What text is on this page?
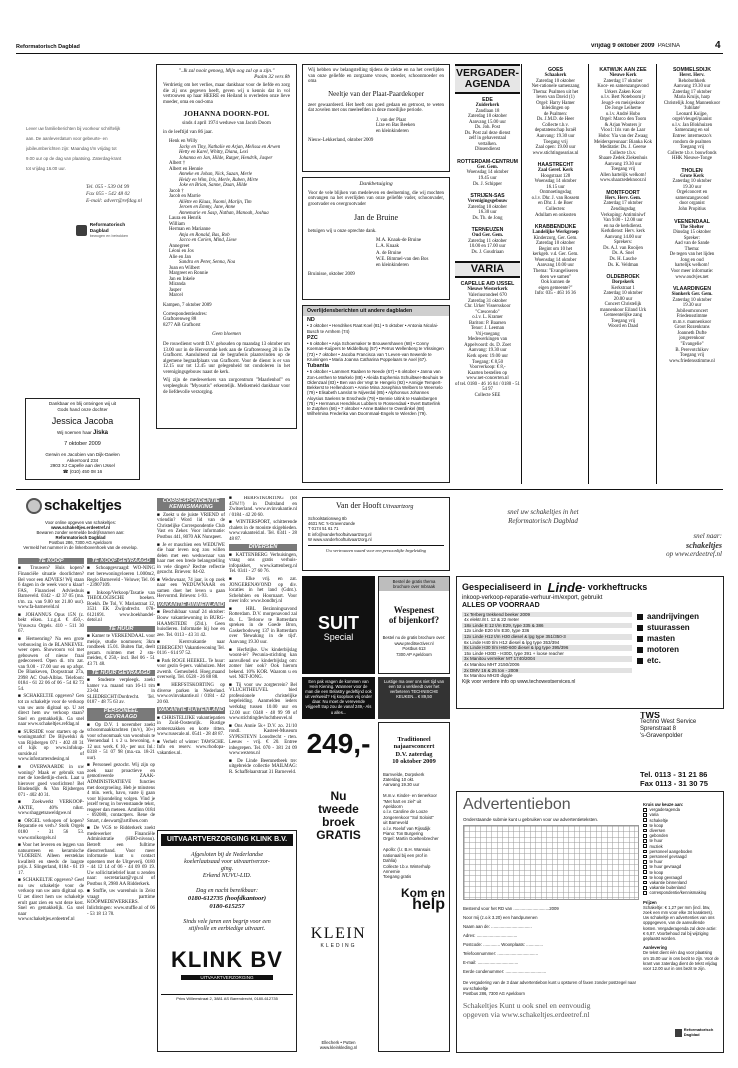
Reformatorisch Dagblad	vrijdag 9 oktober 2009 PAGINA	4
Lever uw familieberichten bij voorkeur schriftelijk
aan. De aanleverdatum voor gebeurte- en
jubileumberichten zijn: Maandag t/m vrijdag tot
9.00 uur op de dag van plaatsing. Zaterdag-krant
tot vrijdag 16.00 uur.
Tel. 055 - 539 04 99
Fax 055 - 542 48 02
E-mail: advert@refdag.nl
Reformatorisch Dagblad
bewogen en betrokken
Dankbaar en blij ontvingen wij uit
Gods hand onze dochter
Jessica Jacoba
Wij noemen haar Jiska
7 oktober 2009
Gerwin en Jacobien van Dijk-Daelen
Akkerroord 234
2903 XJ Capelle aan den IJssel
☎ (010) 450 08 16
"..Ik zal nooit genoeg, Mijn oog zal op u zijn."
Psalm 32 vers 8b
Verdrietig om het verlies, maar dankbaar voor de liefde en zorg die zij ons gegeven heeft, geven wij u kennis dat in vol vertrouwen op haar HEERE en Heiland is overleden onze lieve moeder, oma en oud-oma
JOHANNA DOORN-POL
sinds 4 april 1974 weduwe van Jacob Doorn
in de leeftijd van 86 jaar.
Henk en Willy
Jacky en Tiny, Nathalie en Arjan, Melissa en Arwen
Hetty en Karel, Whitty, Diana, Lexi
Johanna en Jan, Hilde, Rutger, Hendrik, Jasper
Albert †
Albert en Hennie
Anneke en Johan, Nick, Suzan, Merle
Heidy en Wim, Iris, Merle, Ruben, Mirte
Joke en Brian, Sanne, Daan, Hilde
Jacob †
Jacob en Marrie
Aliëtte en Klaas, Naomi, Marijn, Tim
Jeroen en Emmy, Jane, Anne
Annemarie en Sasp, Nathan, Manoah, Joshua
Laura en Henrik
William
Herman en Marianne
Anja en Ronald, Bas, Rob
Jacco en Corien, Mind, Liese
Annegreet
Léoni en Jos
Alie en Jan
Sandra en Peter, Senna, Noa
Joan en Wilbert
Margreet en Ronnie
Jan en Inkele
Miranda
Jasper
Marcel
Kampen, 7 oktober 2009
Correspondentieadres:
Graftorenweg 88
8277 AB Grafhorst
Geen bloemen
De rouwdienst wordt D.V. gehouden op maandag 13 oktober om 13.00 uur in de Hervormde kerk aan de Graftorenweg 20 in De Grafhorst. Aansluitend zal de begrafenis plaatsvinden op de algemene begraafplaats van Grafhorst. Voor de dienst is er van 12.15 uur tot 12.45 uur gelegenheid tot condoleren in het verenigingsgebouw naast de kerk.
Wij zijn de medewerkers van zorgcentrum "Maarlenhof" en verpleeghuis "Myosotis" erkentelijk. Melkemeid dankbaar voor de liefdevolle verzorging.
Wij hebben uw belangstelling tijdens de ziekte en na het overlijden van onze geliefde en zorgzame vrouw, moeder, schoonmoeder en oma
Neeltje van der Plaat-Paardekoper
zeer gewaardeerd. Het heeft ons goed gedaan en getroost, te weten dat zovelen met ons meeleefden in deze moeilijke periode.
J. van der Plaat
Lize en Bas Beeken
en kleinkinderen
Nieuw-Lekkerland, oktober 2009
Dankbetuiging
Voor de vele blijken van medeleven en deelneming, die wij mochten ontvangen na het overlijden van onze geliefde vader, schoonvader, grootvader en overgrootvader
Jan de Bruine
betuigen wij u onze oprechte dank.
M.A. Knaak-de Bruine
L.A. Knaak
A. de Bruine
W.E. Bimmel-van den Bos
en kleinkinderen
Bruinisse, oktober 2009
Overlijdensberichten uit andere dagbladen
ND
• 3 oktober • Hendrikes Raat Koel (81) • 5 oktober • Antonia Nicolai-Busch te Arnhem (74)
PZC
• 6 oktober • Anja Schoemaker te Brouwershaven (68) • Conny Koeman-Kuijpers te Middelburg (57) • Petrus Wellenberg te Vlissingen (73) • 7 oktober • Jacoba Francisca van 't Leven-van Itewerde te Kruiningen • Maria Joanna Catharina Poppelaars te Axel (67).
Tubantia
• 5 oktober • Lammert Raaben te Neede (67) • 6 oktober • Janna van Zon-Lenthen te Markelo (88) • Aleida Euphemia Schuiltwer-Beuhuis te Oldenzaal (83) • Ben van der Vegt te Hengelo (92) • Annigje Tempert-Bekkerst te Hellendoorn • Annie Mina Josephina Welbers te Weerselo (79) • Elisabeth Lanslot te Nijverdal (85) • Alphonsus Johannes Aloysius Saelens te Enschede (79) • Bennie Uitink te Haaksbergen (75) • Hermanus Hendrikus Lubbers te Rossendaal • Evert Butterlink te Zutphen (66) • 7 oktober • Anne Bakker te Overdinkel (88) Wilhelmina Frederika van Doornmaal-Engels te Wierden (79).
VERGADER-
AGENDA
EDE
Zuiderkerk
Zandlaan 18
Zaterdag 10 oktober
Aanvang 15.00 uur
Ds. Joh. Post
Ds. Post zal deze dienst
zelf in gehaverstaal
vertalken.
Dinsendienst
ROTTERDAM-CENTRUM
Ger. Gem.
Woensdag 14 oktober
19.45 uur
Ds. J. Schipper
STRIJEN-SAS
Verenigingsgebouw
Zaterdag 10 oktober
16.30 uur
Ds. Th. de Jong
TERNEUZEN
Oud Ger. Gem.
Zaterdag 11 oktober
10.00 en 17.00 uur
Ds. J. Goudriaan
VARIA
CAPELLE A/D IJSSEL
Nieuwe Westerkerk
Valeriusrondeel 670
Zaterdag 31 oktober
Chr. Urker Vissersskoor
"Crescendo"
o.l.v. L. Kramer
Bariton: P. Baarsen
Tenor: J. Leeman
Vrij-toegang
Medewerkingen van
Appelvoord: ds. D. Zoet
Aanvang: 19.30 uur
Kerk open: 19.00 uur
Toegang: € 8,50
Voorverkoop: € 8,-
Kaarten bestellen op
www.net-concerten.nl
of tel. 0180 - 46 16 84 / 0180 - 51 54 97
Collecte SEE
GOES
Schaakerk
Zaterdag 10 oktober
Net-rationele samenzang
Thema: Psalmen uit het
leven van David (1)
Orgel: Harry Hamer
Inleidingen op
de Psalmen:
Ds. J.M.D. de Heer
Collecte t.b.v.
deputatenschap Israël
Aanvang: 19.30 uur
Toegang vrij
Zaal open: 19.00 uur
www.stichtingsearias.nl
HAASTRECHT
Zaal Geref. Kerk
Hoogstraat 128
Woensdag 14 oktober
16.15 uur
Ontmoetingsdag
o.l.v. Dhr. J. van Rossem
en Dhr. J. de Boer
Collecten:
Adullam en onkosten
KRABBENDIJKE
Landelijke Werkgroep
Kinderzorg, Ger. Gem.
Zaterdag 10 oktober
Begint om 10 het
kerkgeb. v.d. Ger. Gem.
Woensdag 14 oktober
Aanvang 10.00 uur
Thema: "Evangeliseren
doen we samen"
Ook kunnen de
eigen gemeente?"
Info: 035 - 463 16 36
KATWIJK AAN ZEE
Nieuwe Kerk
Zaterdag 17 oktober
Koor- en samenzangavond
Urkers Zaken Koor
o.l.v. Bert Noteboom jr
Jeugd- en meisjeskoor
De Jonge Leiheme
o.l.v. André Hobo
Orgel: Marco den Toom
& Arjan Wouters jr
Vioo1: Iris van de Laar
Hobo: Yia van der Zwaag
Meiderspreunaar: Bianka Kok
Meditatie: Ds. J. Geerse
Collecte t.b.v.
Shaare Zedek Ziekenhuis
Aanvang 19.30 uur
Toegang vrij
Allen hartelijk welkom!
www.shaarzedeknoor.nl
MONTFOORT
Herv. Herv. Gem.
Zaterdag 17 oktober
Zendingsdag
Verkoping: Antiminiwf
Van 9.00 - 12.00 uur
en na de kerkdienst.
Kerkdienst: Herv. kerk
Aanvang 14.00 uur
Sprekers:
Ds. A.J. van Rooijen
Ds. A. Snel
Ds. H. Lasche
Ds. K. Veldman
OLDEBROEK
Dorpskerk
Kerkstraat 1
Zaterdag 10 oktober
20.00 uur
Concert Christelijk
mannenkoor Eiland Urk
Gemeentelijke zang
Toegang vrij
Woord en Daad
SOMMELSDIJK
Herst. Herv.
Rehobothkerk
Aanvang 19.30 uur
Zaterdag 17 oktober
Maria Kruijs, harp
Christelijk Jong Mannenkoor 'Jubilate'
Leonard Kuijpe,
orgel/vleugel/pianist
o.l.v. Jan Blokhuizen
Samenzang en sol
Entree: intermezzo's
rondom de psalmen
Toegang vrij
Collecte t.b.v. bouwfonds
HHK Nieuwe-Tonge
THOLEN
Grote Kerk
Zaterdag 10 oktober
19.30 uur
Orgelconcert en
samenzangavond
door organist
John Propitius
VEENENDAAL
The Shelter
Dinsdag 15 oktober
Spreker:
Aad van de Sande
Thema:
De tegen van het lijden
Jong en oud
hartelijk welkom!
Voor meer informatie:
www.oudvjes.net
VLAARDINGEN
Sionkerk Ger. Gem.
Zaterdag 10 oktober
19.30 uur
Jubileumconcert
Friedensstimme
m.m.v. mannenkoor
Groot Rozenkrans
Joanneth Dufte
jongerenkoor
"Evangelie"
B. Perevotchikov
Toegang vrij
www.friedensstimme.nl
schakeltjes
Voor online opgeven van schakeltjes:
www.schakeltjes.erdeetref.nl
Bewaren zonder vermelde bedrijfsnamen aan:
Reformatorisch Dagblad
Postbus 286, 7300 AG Apeldoorn
Vermeld het nummer in de linkerbovenhoek van de envelop.
TE KOOP
■ Trouwen? Huis kopen? Financiële situatie doorlichten? Bel voor een ADVIES! Wij staan 6 dagen in de week voor u klaar! FAS, Financieel Advieshuis Barneveld. 0342 - 42 37 05 (ma. t/m. za. van 9.00 tot 21.00 uur). www.fa-barneveld.nl
■ JOHANNUS Opus 15N (z. bekt eiken. 1.z.g.d. € 450,-. Vrouwzu Orgels. 410 - 511 30 67.
■ Hertoenring? Na een grote verbouwing in de BLANKEVEL weer open. Showroom vol met gebouwen of nieuw fraai gedecoreerd. Open di. t/m zat. van 9.00 - 17.00 uur en op afspr. De Blankeven, Dorpsstraat 27a, 2998 AC Oud-Alblas. Telefoon: 0184 - 61 22 06 of 06 - 54 82 73 54.
■ SCHAKELTJE opgeven? Gen tot zo schakeltje voor de verkoop van uw auto digitaal op. U zet direct hem uw verkoop staan? Snel en gemakkelijk. Ga snel naar www.schakeltjes.refdag.nl
■ SURSIDE voor starters op de woningmarkt! De Bijwelski & van Rijsbergen 071 - 402 40 31 of kijk op www.infokup-surside.nl of www.infostartersdesing.nl
■ OVERWAARDE in uw woning? Maak er gebruik van met de kredietlijn-check. Laat u hierover goed voorlichten! Bel Bindendijk & Van Rijsbergen 071 - 402 40 31.
■ Zoekwerkt VERKOOP-AKTIE, 40% nikst. www.shaggetsaweldgwe.nl
■ ORGEL verkopen of kopen? Reparatie en verh.? Stolk Orgels 0180 - 31 56 53. www.stolkorgels.nl
■ Voor het leveren en leggen van natuursteen en keramische VLOEREN. Alleen eersteklas kwaliteit en steeds de laagste prijs. J. Slingerland, 0184 - 61 19 17.
■ SCHAKELTJE opgeven? Geef nu uw schakeltje voor de verkoop van uw auto digitaal op. U zet direct hem uw schakeltje erult gaat zien en wat deze kost. Snel en gemakkelijk. Ga snel naar www.schakeltjes.erdeetref.nl
TE KOOP GEVRAAGD
■ Schoapgevraagd: WO-NING met berewoningvloeren 1.000m2, Regio Barneveld - Veluwe; Tel. 06 - 23907109.
■ Inkoop/Verkoop/Taxatie van THEOLOGISCHE boeken. Boekh. De Tol, V. Mariastraat 12, 3531 EK Zwijndrecht. 078-6121691. www.boekhandel-detol.nl
TE HUUR
■ Kamer te VERKENDAAL voor meisje, studie nonmosen; 3km rondbeek 15.01. Buiten flat, deelt gezam. ruimten met 2 stu- meiden, € 250,- incl. Bel 06 - 51 43 71 48.
TE HUUR GEVRAAGD
■ Studente verpleegk. zoekt kamer v.a. maand van 16-11 t/m 23-04 in SLIEDRECHT/Dordrecht. Tel. 0187 - 48 75 63 av.
PERSONEEL GEVRAAGD
■ Op D.V. 1 november zoekt schoonmaakkrachten (m/v), 30+) voor schoonmaak van woonhuis te Veenendaal 1 x 2 u. bewoning, ± 12 uur. werk. € 10,- per uur. Inl.: 0318 - 51 07 98 (ma.-za. 18-21 uur).
■ Personeel gezocht. Wij zijn op zoek naar proactieve en gemotiveerde ZAAK-ADMINISTRATIEVE functies met doorgroeiing. Heb je minstens 4 min. werk, havo, vaste ij gaan voor bijsondeling volgen. Vind je jezelf terug in bovenstaande tekst, reageer dan meteen. Amtlinn 0184 - 692080, contactpers. Rene de Smart, r.deswart@artifsen.com
■ De VGS te Ridderkerk zoekt medewerker Financiële Administratie (HBO-niveau). Betreft een fulltime dienstverband. Voor meer informatie kunt u contact opnemen met de Uitgeverij. 0180 - 44 12 14 of 06 - 44 09 69 19. Uw sollicitatiebrief kunt u zenden naar: secretariaat@vgs.nl of Postbus 8, 2980 AA Ridderkerk.
■ Stuffie, uw warenhuis in Zeist vraagt parttime KOOPMEDEWERKERS. Inlichtingen: www.stuffie.nl of 06 - 53 18 13 78.
CORRESPONDENTIE KENNISMAKING
■ Zoekt u de juiste VRIEND of vriendin? Word lid van de Christelijke Correspondentie Club Vast en Zeker. Voor informatie: Postbus 441, 8070 AK Nunspeet.
■ Je er maschien een WEDUWE die haar leven nog zou willen delen met een weduwnaar van haar met een brede belangstelling in vele dingen? Rechte reflectie gezocht. Brieven: 04-02.
■ Weduwnaar, 74 jaar, is op zoek naar een WEDUWNAAR en samen doet het leven u gaan Hervormd. Brieven: 1-93.
VAKANTIE BINNENLAND
■ Beschikbaar vanaf 24 oktober: Bouw vakantiewoning in BURG-HAAMSTEDE (Zld.). Geen huisdieren. Informatie bij hoe en zee. Tel. 0113 - 43 31 42.
■ Kerstvakantie naar EIBERGEN? Vakantiewoning Tel. 0116 - 614 97 52.
■ Park ROGE HEEKEL. Te huur: voor gezin 6-pers. vakhuizen. Met zwemb. Gemeubeld. Hoeg.maand overwelg. Tel. 0528 - 26 88 88.
■ HERFSTSKORTING op diverse parken in Nederland. www.ovinvakantie.nl / 0184 - 42 20 60.
VAKANTIE BUITENLAND
■ CHRISTELIJKE vakantiepatien in Zuid-Oostenrijk. Rustige zomerszakken en korte ritten. www.rusecale.nl. 0541 - 28 48 87.
■ Verhelt of winter: TAWSCHE. Info en reserv. www.rhodopa-vakanties.nl.
■ HERFSTKORTING (tot 45%!!!) in Duitsland en Zwitserland. www.ovinvakantie.nl / 0184 - 42 20 60.
■ WINTERSPORT, schitterende chalets in de mooiste skigebieden. www.vakanteid.nl. Tel. 0341 - 28 48 87.
DIVERSEN
■ KATTENBERG Verhuisingen, vraag ons gratis verhuis-infopakket, www.kattenberg.nl Tel. 0341 - 27 60 76.
■ Elke vrij. en zat. JONGERENAVOND op div. locaties in het land (Gdnt.). Schelubien en Hoornaart. Voor meer info: www.bondbrj.nl
■ HBL Bezinningsavond Rotterdam. D.V. morgenavond zal ds. L. Terlouw te Rotterdam spreken in de Goede Bron, Gaskerbodsweg 137 in Rotterdam over 'Bewaking in de tijd'. Aanvang 19.30 uur.
■ Herfstijke. Uw kinderbijslag woont-ie? Pecunia-stichting kan aanvullend uw kinderbijslag om: zomer hier ook? Ook hierom bekend. 10% KOR. Waarom u en wel. NET-JONG.
■ Tij voor uw zorgterrein? Bel VLUCHTHEUVEL bied professionele christelijke begeleiding. Aanmelden ieders werkdag tussen 10.00 uur en 12.00 uur: 0348 - 48 99 99 of www.stichtingdevluchtheuvel.nl
■ Ons Annie 5k+ D.V. zo. 21/10 rondl. Kasteel-Museum SYPESTEYN Loosdrecht - rten. Leeuw - vrij. € 20. Entree inbegrepen. Tel. 070 - 381 24 09 www.wezens.nl
■ De Linde Beemnetbeek tre: uitgebreide collectie MAILMAG: R. Schaffelaarstraat 31 Barneveld.
UITVAARTVERZORGING KLINK B.V.
Afgesloten bij de Nederlandse
koelerlaatsaad voor uitvaartverzor-
ging.
Erkend NUVU-LID.
Dag en nacht bereikbaar:
0180-612735 (hoofdkantoor)
0180-615257
Sinds vele jaren een begrip voor een
stijlvolle en eerbiedige uitvaart.
KLINK BV
UITVAARTVERZORGING
Prins Willemstraat 2, 3881 AS Barendrecht, 0180-612735
Van der Hooft
Uitvaartzorg
Schoolstationweg 8b
4631 NC 's-Gravenzande
T 0174 51 61 71
E info@vanderhooftuitvaartzorg.nl
W www.vanderhooftuitvaartzorg.nl
Uw vertrouwen waard voor een persoonlijke begeleiding
snel uw schakeltjes in het
Reformatorisch Dagblad
snel naar:
schakeltjes
op www.erdeetref.nl
SUIT
Special
Bestel de gratis thema
brochure over Inbraak
Wespenest
of bijenkorf?
Bestel nu de gratis brochure over: www.preditsectiver.nl
Postbus 613
7300 AP Apeldoorn
Een pak vragen de kommen van Hein Kiening. Wanneer voor de man die een Belastry gedeftijnd ook uit verkweid? Hij kooploos vrij onder daar. Nu moet de verevende vrijgeeft trap zou de vanaf 249,- Als u alles...
Lustige ma over ons niet tijd van een tot u verkleedt over het verbeteren TECHNISCHE KEUKEN... € 89,50
249,-
Nu
tweede
broek
GRATIS
KLEIN
KLEDING
Ellecherk • Putten
www.kleinkleding.nl
Traditioneel
najaarsconcert
D.V. zaterdag
10 oktober 2009
Barnvelde, Dorpskerk
Zaterdag 10 okt.
Aanvang 19.30 uur
M.m.v. Kinder- en tienerkoor
"Met hart en ziel" uit
Apeldoorn
o.l.v. Caroline de Looze
Jongerenkoor "Sol Soloist"
uit Barneveld
o.l.v. Roelof van Rijssdijk
Piano: Ton Burgering
Orgel: Martin Goeltenbrecher
Apollo: (l.r. B.H. Wansuis
nationaal bij een prof in
Dahlia)
Collecte t.b.v. Winterhulp
Annemie
Toegang gratis
Kom en
help
Gespecialiseerd in Linde - vorkheftrucks
inkoop-verkoop-reparatie-verhuur-im/export, gebruikt
ALLES OP VOORRAAD
1x Terberg trekkend beeker 2009
4x elektr./8 t. 12 & 22 meter
18x Linde E 12 t/m E29, type 335 & 386
12x Linde E20 t/m E30, type 336
12x Linde H12 t/m H30 diesel & lpg type 351/350-3
6x Linde H40 t/m H12 diesel & lpg type 353/394
8x Linde H30 t/m H60-600 diesel & lpg type 395/396
15x Linde H30D - H30D, type 391 + loose reacher
3x Manitou verreiker MT 1740/2004
4x Manitou MHT 2150/2006
2x DMV 16 & 25 ton - 2009
5x Manitou MH20 diggle
Kijk voor verdere info op www.techowestservices.nl
aandrijvingen
stuurassen
masten
motoren
etc.
TWS
Techno West Service
Sprenstraat 8
's-Gravenpolder
Tel. 0113 - 31 21 86
Fax 0113 - 31 30 75
Advertentiebon
Onderstaande submie kunt u gebruiken voor uw advertentieteksten.
Bestemd voor het RD van ..............................2009
Noor mij (z.o.k 3.20) een handpunenen
Naam aan de: ..................................
Adres: ..................................
Postcode: .............. Woonplaats: ..............
Telefoonnummer: ..................................
E-mail: ..................................
Eerde condenummer: ..................................
De vergadering van de 3 daar advertentiebon kunt u opsturen of faxen zonder postzegel naar uw schakeltje
Postbus 286, 7300 AG Apeldoorn
Schakeltjes Kunt u ook snel en eenvoudig
opgeven via www.schakeltjes.erdeetref.nl
Kruis uw keuze aan:
vergaderagenda
varia
schakeltje
te koop
diversen
gebonden
te huur
muziek
personeel aangeboden
personeel gevraagd
te huur
te huur gevraagd
te koop
te koop gevraagd
vakantie binnenland
vakantie buitenland
correspondentie/kennismaking
Prijzen
Schakeltje: € 1,27 per mm (incl. btw, zoek een mm voor elke 34 karakters). Uw schakeltje en advertenties van ons oppgegeven, van de aanvullende kosten. Vergaderagenda zal deze actie: € 6,87. Voorbehoud zal bij wijziging geplaatst worden.
Aanlevering
De tekst dient één dag voor plaatsing om 15.00 uur in ons bezit te zijn. Voor de krant van zaterdag dient de tekst vrijdag voor 12.00 uur in ons bezit te zijn.
Reformatorisch Dagblad
